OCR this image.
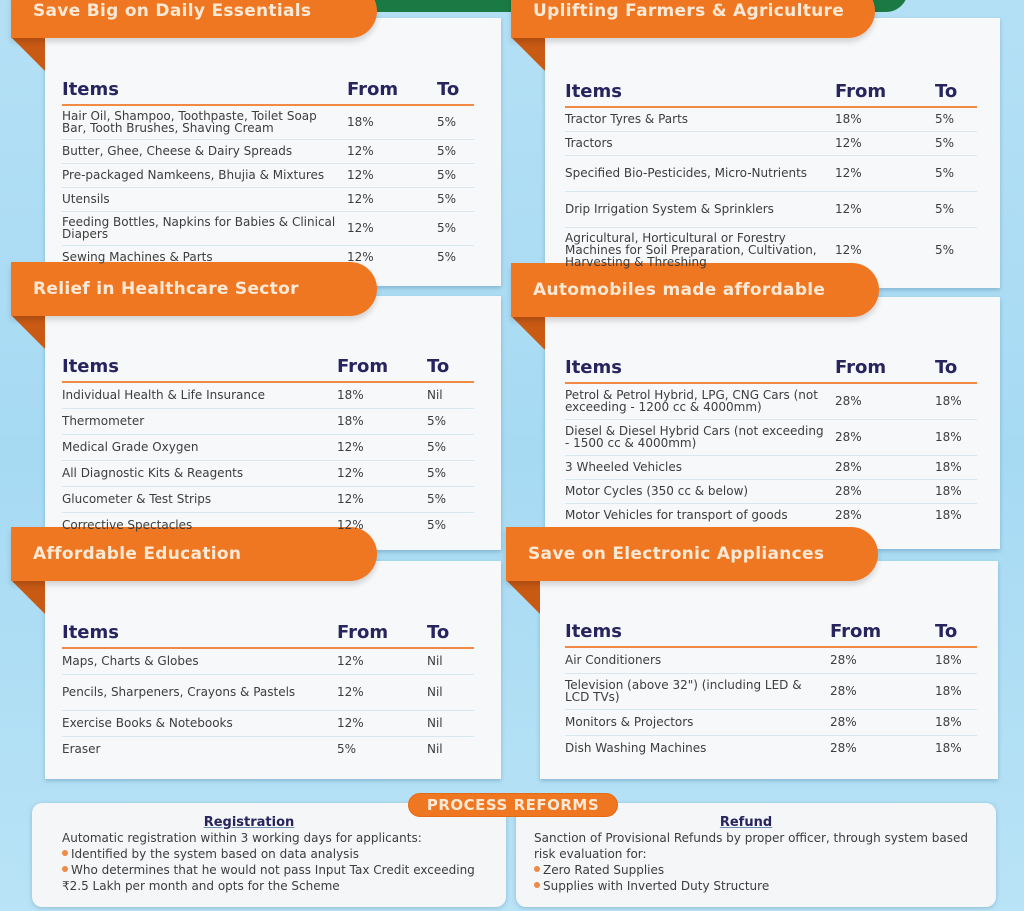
Save Big on Daily Essentials
Items	From	To
Hair Oil, Shampoo, Toothpaste, Toilet Soap Bar, Tooth Brushes, Shaving Cream	18%	5%
Butter, Ghee, Cheese & Dairy Spreads	12%	5%
Pre-packaged Namkeens, Bhujia & Mixtures	12%	5%
Utensils	12%	5%
Feeding Bottles, Napkins for Babies & Clinical Diapers	12%	5%
Sewing Machines & Parts	12%	5%
Uplifting Farmers & Agriculture
Items	From	To
Tractor Tyres & Parts	18%	5%
Tractors	12%	5%
Specified Bio-Pesticides, Micro-Nutrients	12%	5%
Drip Irrigation System & Sprinklers	12%	5%
Agricultural, Horticultural or Forestry Machines for Soil Preparation, Cultivation, Harvesting & Threshing	12%	5%
Relief in Healthcare Sector
Items	From	To
Individual Health & Life Insurance	18%	Nil
Thermometer	18%	5%
Medical Grade Oxygen	12%	5%
All Diagnostic Kits & Reagents	12%	5%
Glucometer & Test Strips	12%	5%
Corrective Spectacles	12%	5%
Automobiles made affordable
Items	From	To
Petrol & Petrol Hybrid, LPG, CNG Cars (not exceeding - 1200 cc & 4000mm)	28%	18%
Diesel & Diesel Hybrid Cars (not exceeding - 1500 cc & 4000mm)	28%	18%
3 Wheeled Vehicles	28%	18%
Motor Cycles (350 cc & below)	28%	18%
Motor Vehicles for transport of goods	28%	18%
Affordable Education
Items	From	To
Maps, Charts & Globes	12%	Nil
Pencils, Sharpeners, Crayons & Pastels	12%	Nil
Exercise Books & Notebooks	12%	Nil
Eraser	5%	Nil
Save on Electronic Appliances
Items	From	To
Air Conditioners	28%	18%
Television (above 32") (including LED & LCD TVs)	28%	18%
Monitors & Projectors	28%	18%
Dish Washing Machines	28%	18%
Registration
Automatic registration within 3 working days for applicants:
Identified by the system based on data analysis
Who determines that he would not pass Input Tax Credit exceeding ₹2.5 Lakh per month and opts for the Scheme
Refund
Sanction of Provisional Refunds by proper officer, through system based risk evaluation for:
Zero Rated Supplies
Supplies with Inverted Duty Structure
PROCESS REFORMS
